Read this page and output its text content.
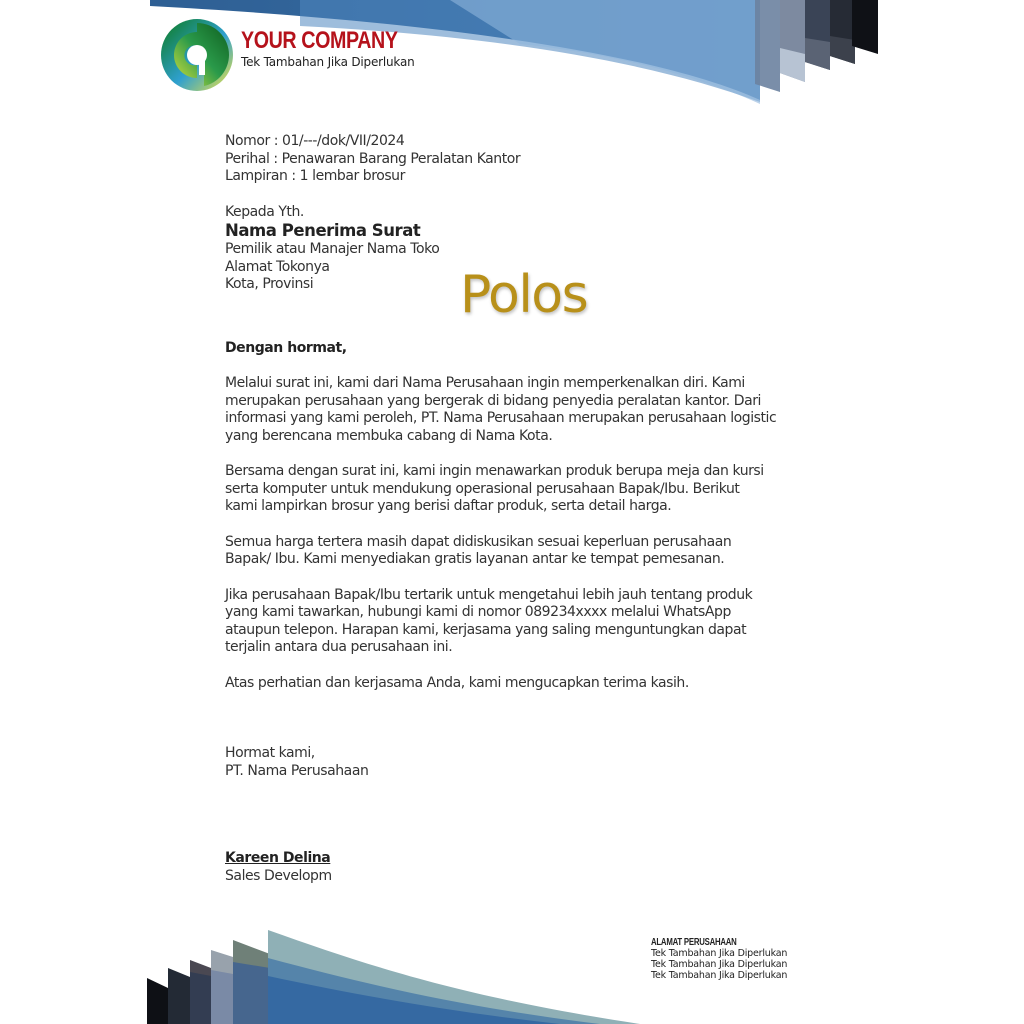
YOUR COMPANY
Tek Tambahan Jika Diperlukan
Polos
Nomor : 01/---/dok/VII/2024
Perihal : Penawaran Barang Peralatan Kantor
Lampiran : 1 lembar brosur
Kepada Yth.
Nama Penerima Surat
Pemilik atau Manajer Nama Toko
Alamat Tokonya
Kota, Provinsi
Dengan hormat,
Melalui surat ini, kami dari Nama Perusahaan ingin memperkenalkan diri. Kami
merupakan perusahaan yang bergerak di bidang penyedia peralatan kantor. Dari
informasi yang kami peroleh, PT. Nama Perusahaan merupakan perusahaan logistic
yang berencana membuka cabang di Nama Kota.
Bersama dengan surat ini, kami ingin menawarkan produk berupa meja dan kursi
serta komputer untuk mendukung operasional perusahaan Bapak/Ibu. Berikut
kami lampirkan brosur yang berisi daftar produk, serta detail harga.
Semua harga tertera masih dapat didiskusikan sesuai keperluan perusahaan
Bapak/ Ibu. Kami menyediakan gratis layanan antar ke tempat pemesanan.
Jika perusahaan Bapak/Ibu tertarik untuk mengetahui lebih jauh tentang produk
yang kami tawarkan, hubungi kami di nomor 089234xxxx melalui WhatsApp
ataupun telepon. Harapan kami, kerjasama yang saling menguntungkan dapat
terjalin antara dua perusahaan ini.
Atas perhatian dan kerjasama Anda, kami mengucapkan terima kasih.
Hormat kami,
PT. Nama Perusahaan
Kareen Delina
Sales Developm
ALAMAT PERUSAHAAN
Tek Tambahan Jika Diperlukan
Tek Tambahan Jika Diperlukan
Tek Tambahan Jika Diperlukan
